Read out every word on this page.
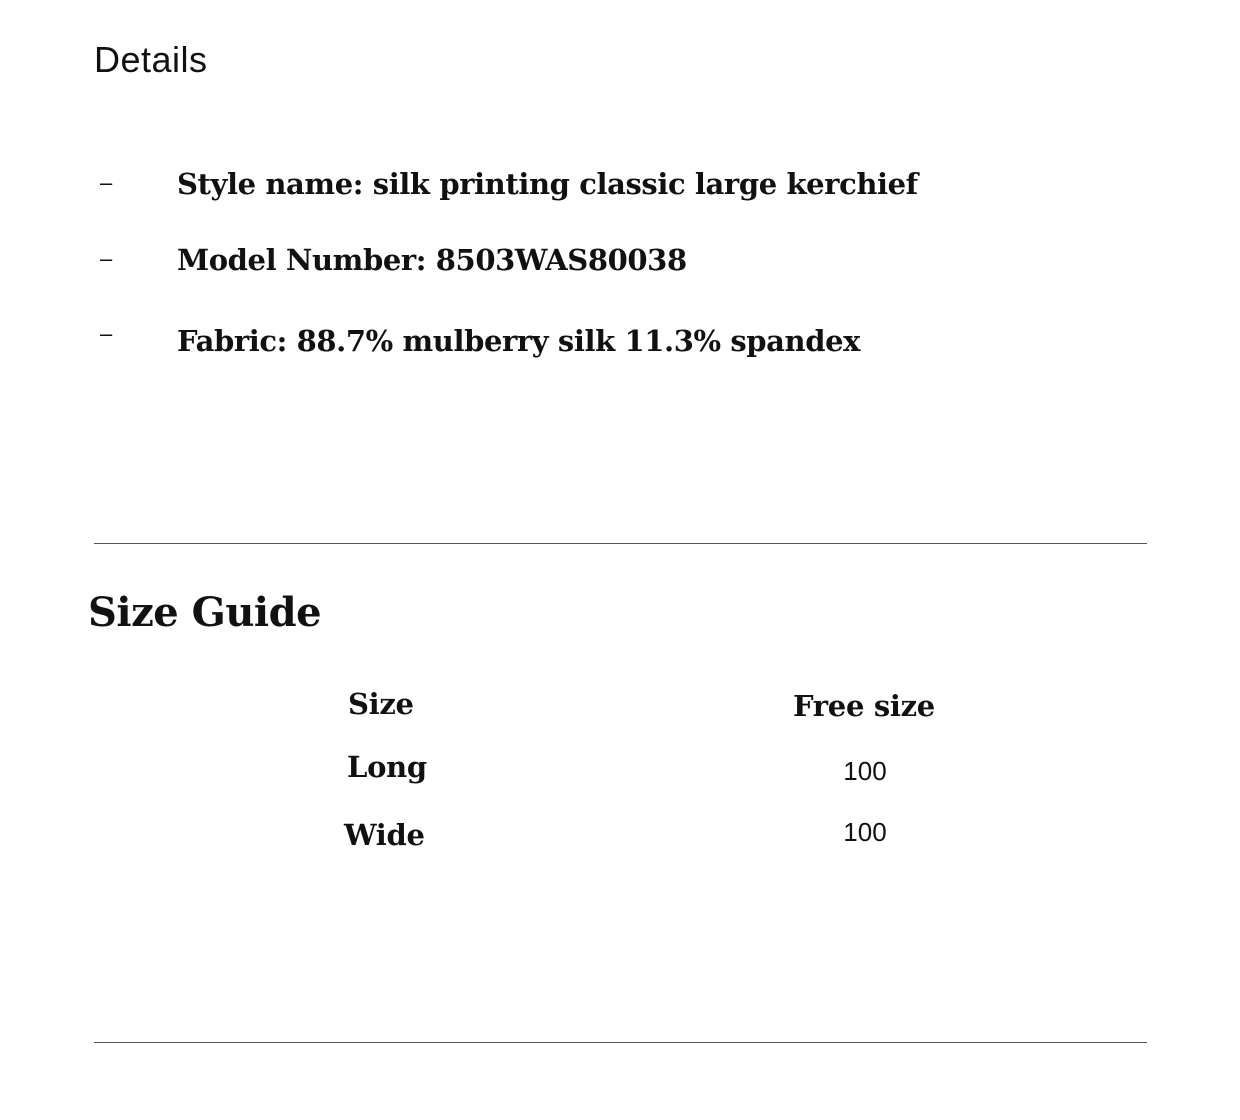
Details
– Style name: silk printing classic large kerchief
– Model Number: 8503WAS80038
– Fabric: 88.7% mulberry silk 11.3% spandex
Size Guide
Size	Free size
Long	100
Wide	100
